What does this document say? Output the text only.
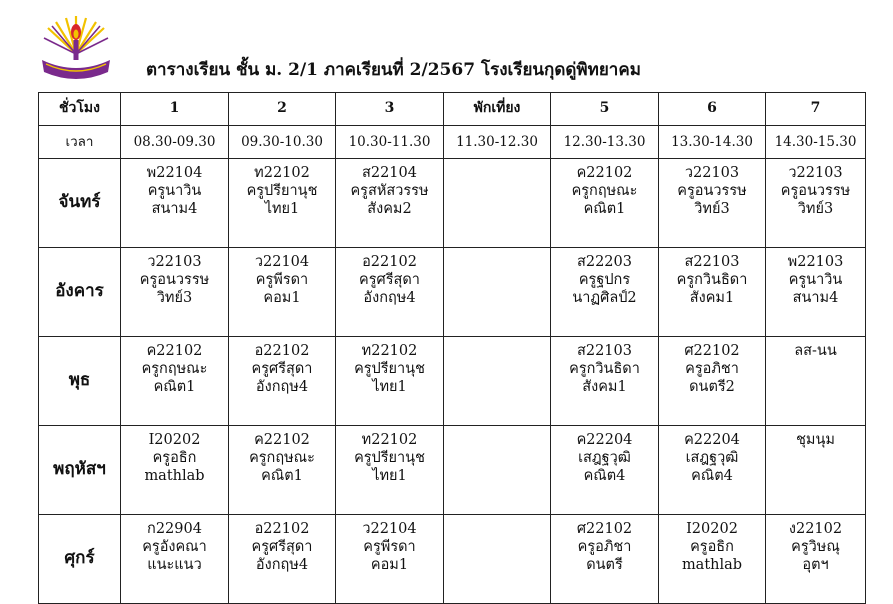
ตารางเรียน ชั้น ม. 2/1 ภาคเรียนที่ 2/2567 โรงเรียนกุดดู่พิทยาคม
ชั่วโมง	1	2	3	พักเที่ยง	5	6	7
เวลา	08.30-09.30	09.30-10.30	10.30-11.30	11.30-12.30	12.30-13.30	13.30-14.30	14.30-15.30
จันทร์	พ22104
ครูนาวิน
สนาม4	ท22102
ครูปรียานุช
ไทย1	ส22104
ครูสหัสวรรษ
สังคม2		ค22102
ครูกฤษณะ
คณิต1	ว22103
ครูอนวรรษ
วิทย์3	ว22103
ครูอนวรรษ
วิทย์3

อังคาร	ว22103
ครูอนวรรษ
วิทย์3	ว22104
ครูพีรดา
คอม1	อ22102
ครูศรีสุดา
อังกฤษ4		ส22203
ครูฐปกร
นาฏศิลป์2	ส22103
ครูกวินธิดา
สังคม1	พ22103
ครูนาวิน
สนาม4

พุธ	ค22102
ครูกฤษณะ
คณิต1	อ22102
ครูศรีสุดา
อังกฤษ4	ท22102
ครูปรียานุช
ไทย1		ส22103
ครูกวินธิดา
สังคม1	ศ22102
ครูอภิชา
ดนตรี2	ลส-นน

พฤหัสฯ	I20202
ครูอธิก
mathlab	ค22102
ครูกฤษณะ
คณิต1	ท22102
ครูปรียานุช
ไทย1		ค22204
เสฎฐวุฒิ
คณิต4	ค22204
เสฎฐวุฒิ
คณิต4	ชุมนุม

ศุกร์	ก22904
ครูอังคณา
แนะแนว	อ22102
ครูศรีสุดา
อังกฤษ4	ว22104
ครูพีรดา
คอม1		ศ22102
ครูอภิชา
ดนตรี	I20202
ครูอธิก
mathlab	ง22102
ครูวิษณุ
อุตฯ
